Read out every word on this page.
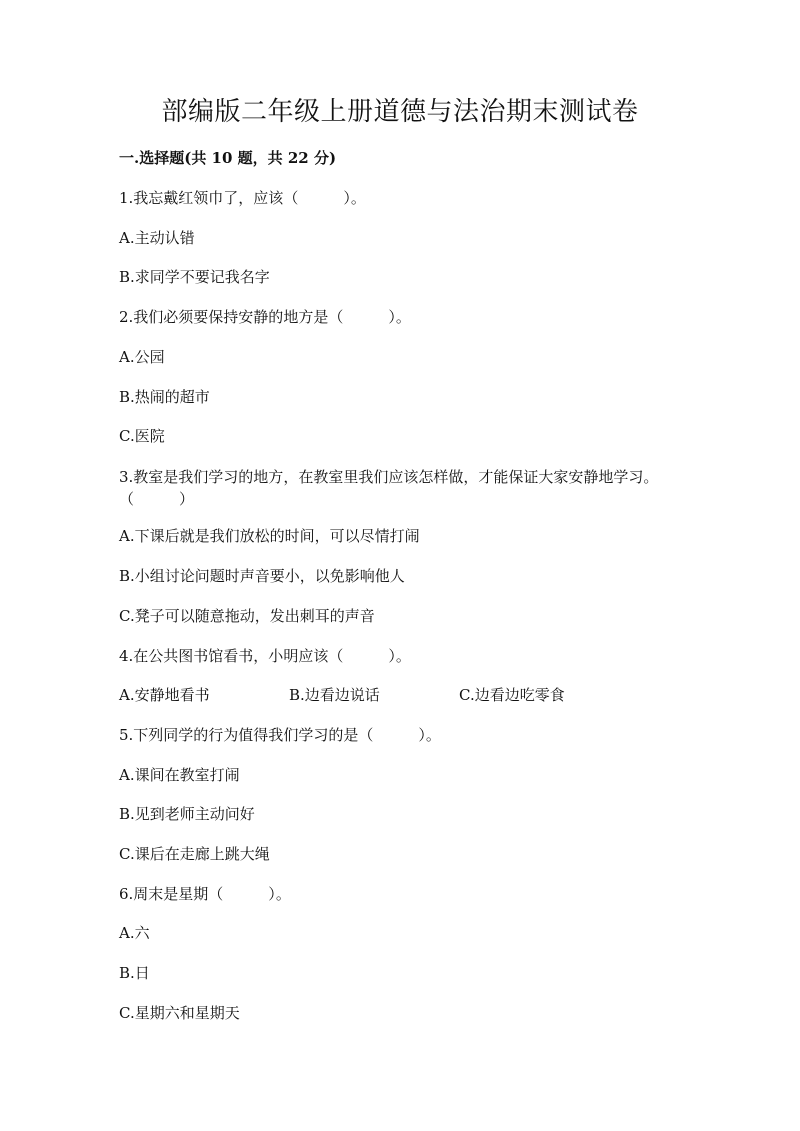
部编版二年级上册道德与法治期末测试卷
一.选择题(共 10 题，共 22 分)
1.我忘戴红领巾了，应该（　　　）。
A.主动认错
B.求同学不要记我名字
2.我们必须要保持安静的地方是（　　　）。
A.公园
B.热闹的超市
C.医院
3.教室是我们学习的地方，在教室里我们应该怎样做，才能保证大家安静地学习。（　　　）
A.下课后就是我们放松的时间，可以尽情打闹
B.小组讨论问题时声音要小，以免影响他人
C.凳子可以随意拖动，发出刺耳的声音
4.在公共图书馆看书，小明应该（　　　）。
A.安静地看书	B.边看边说话	C.边看边吃零食
5.下列同学的行为值得我们学习的是（　　　）。
A.课间在教室打闹
B.见到老师主动问好
C.课后在走廊上跳大绳
6.周末是星期（　　　）。
A.六
B.日
C.星期六和星期天
